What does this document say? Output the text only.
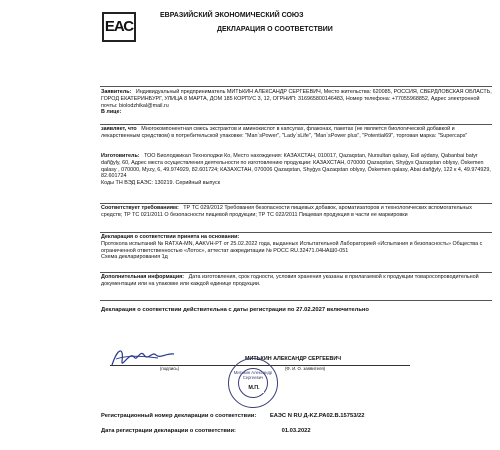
ЕАС
ЕВРАЗИЙСКИЙ ЭКОНОМИЧЕСКИЙ СОЮЗ
ДЕКЛАРАЦИЯ О СООТВЕТСТВИИ
Заявитель: Индивидуальный предприниматель МИТЬКИН АЛЕКСАНДР СЕРГЕЕВИЧ, Место жительства: 620085, РОССИЯ, СВЕРДЛОВСКАЯ ОБЛАСТЬ, ГОРОД ЕКАТЕРИНБУРГ, УЛИЦА 8 МАРТА, ДОМ 185 КОРПУС 3, 12, ОГРНИП: 316965800146483, Номер телефона: +77055968852, Адрес электронной почты: biolodzhikal@mail.ru
В лице:
заявляет, что Многокомпонентная смесь экстрактов и аминокислот в капсулах, флаконах, пакетах (не является биологической добавкой и лекарственным средством) в потребительской упаковке: "Man`sPower", "Lady`sLife", "Man`sPower plus", "Potential69", торговая марка: "Supercaps"
Изготовитель: ТОО Биолоджикал Технолоджи Ко, Место нахождения: КАЗАХСТАН, 010017, Qazaqstan, Nursultan qalasy, Esil aýdany, Qabanbai batyr dañğyly, 60, Адрес места осуществления деятельности по изготовлению продукции: КАЗАХСТАН, 070000 Qazaqstan, Shyģys Qazaqstan oblysy, Öskemen qalasy , 070000, Myzy, 6, 49.974929, 82.601724; КАЗАХСТАН, 070006 Qazaqstan, Shyģys Qazaqstan oblysy, Öskemen qalasy, Abai dañğyly, 122 к 4, 49.974929, 82.601724
Коды ТН ВЭД ЕАЭС: 130219. Серийный выпуск
Соответствует требованиям: ТР ТС 029/2012 Требования безопасности пищевых добавок, ароматизаторов и технологических вспомогательных средств; ТР ТС 021/2011 О безопасности пищевой продукции; ТР ТС 022/2011 Пищевая продукция в части ее маркировки
Декларация о соответствии принята на основании:
Протокола испытаний № RATXA-MN, AAKVH-PT от 25.02.2022 года, выданных Испытательной Лабораторией «Испытания и безопасность» Общества с ограниченной ответственностью «Лотос», аттестат аккредитации № РОСС RU.32471.04НАШ0-051
Схема декларирования 1д
Дополнительная информация: Дата изготовления, срок годности, условия хранения указаны в прилагаемой к продукции товаросопроводительной документации или на упаковке или каждой единице продукции.
Декларация о соответствии действительна с даты регистрации по 27.02.2027 включительно
МИТЬКИН АЛЕКСАНДР СЕРГЕЕВИЧ
(подпись)	(Ф. И. О. заявителя)
Митькин Александр Сергеевич
М.П.
Регистрационный номер декларации о соответствии: ЕАЭС N RU Д-KZ.РА02.В.15753/22
Дата регистрации декларации о соответствии:	01.03.2022
